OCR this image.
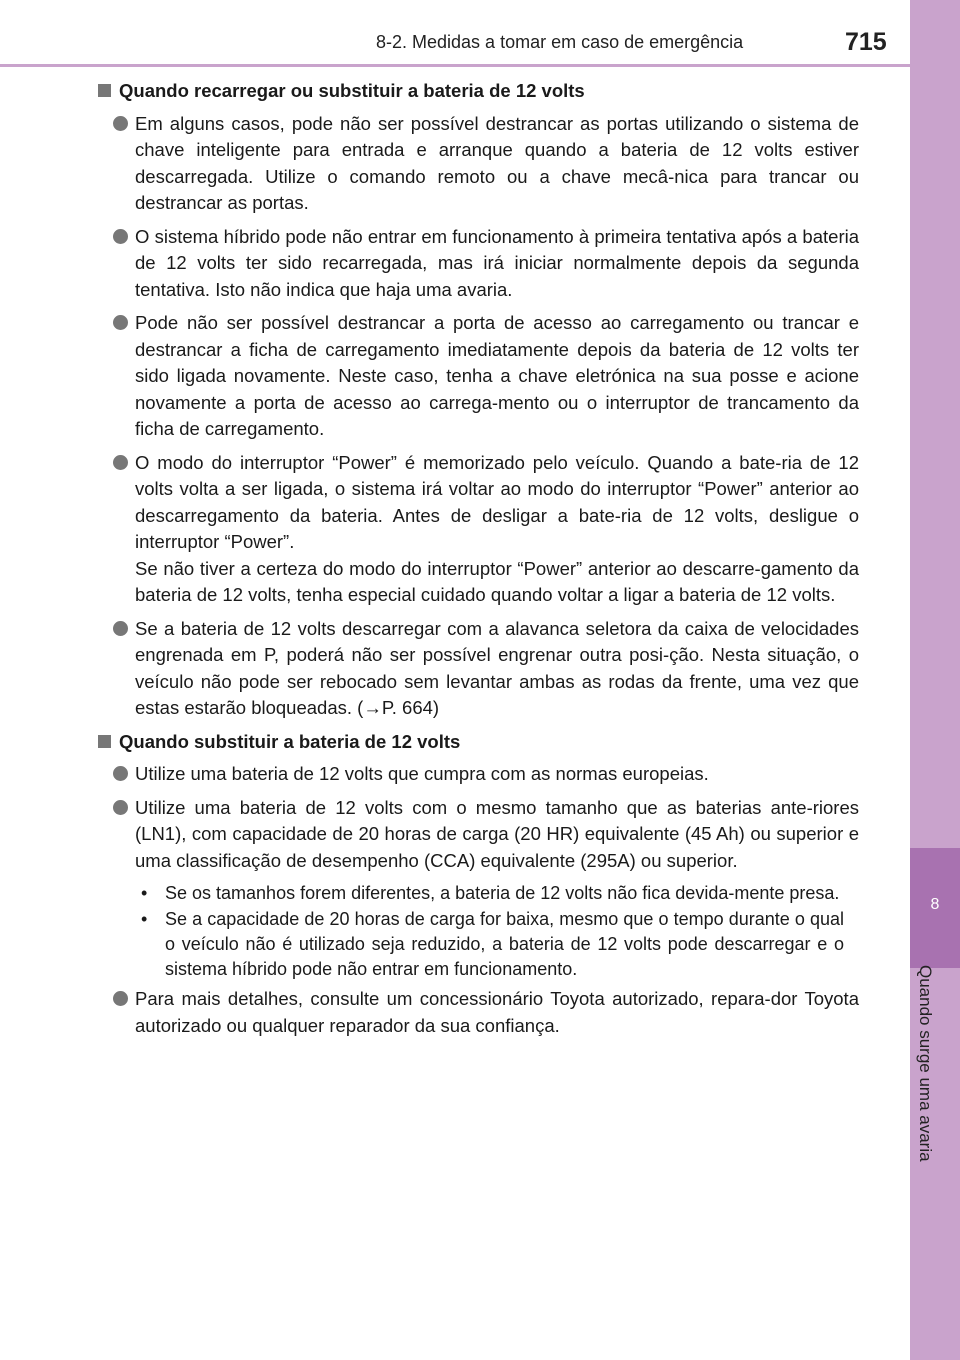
8-2. Medidas a tomar em caso de emergência	715
8
Quando surge uma avaria
Quando recarregar ou substituir a bateria de 12 volts
Em alguns casos, pode não ser possível destrancar as portas utilizando o sistema de chave inteligente para entrada e arranque quando a bateria de 12 volts estiver descarregada. Utilize o comando remoto ou a chave mecâ-nica para trancar ou destrancar as portas.
O sistema híbrido pode não entrar em funcionamento à primeira tentativa após a bateria de 12 volts ter sido recarregada, mas irá iniciar normalmente depois da segunda tentativa. Isto não indica que haja uma avaria.
Pode não ser possível destrancar a porta de acesso ao carregamento ou trancar e destrancar a ficha de carregamento imediatamente depois da bateria de 12 volts ter sido ligada novamente. Neste caso, tenha a chave eletrónica na sua posse e acione novamente a porta de acesso ao carrega-mento ou o interruptor de trancamento da ficha de carregamento.
O modo do interruptor “Power” é memorizado pelo veículo. Quando a bate-ria de 12 volts volta a ser ligada, o sistema irá voltar ao modo do interruptor “Power” anterior ao descarregamento da bateria. Antes de desligar a bate-ria de 12 volts, desligue o interruptor “Power”.
Se não tiver a certeza do modo do interruptor “Power” anterior ao descarre-gamento da bateria de 12 volts, tenha especial cuidado quando voltar a ligar a bateria de 12 volts.
Se a bateria de 12 volts descarregar com a alavanca seletora da caixa de velocidades engrenada em P, poderá não ser possível engrenar outra posi-ção. Nesta situação, o veículo não pode ser rebocado sem levantar ambas as rodas da frente, uma vez que estas estarão bloqueadas. (→P. 664)
Quando substituir a bateria de 12 volts
Utilize uma bateria de 12 volts que cumpra com as normas europeias.
Utilize uma bateria de 12 volts com o mesmo tamanho que as baterias ante-riores (LN1), com capacidade de 20 horas de carga (20 HR) equivalente (45 Ah) ou superior e uma classificação de desempenho (CCA) equivalente (295A) ou superior.
• Se os tamanhos forem diferentes, a bateria de 12 volts não fica devida-mente presa.
• Se a capacidade de 20 horas de carga for baixa, mesmo que o tempo durante o qual o veículo não é utilizado seja reduzido, a bateria de 12 volts pode descarregar e o sistema híbrido pode não entrar em funcionamento.
Para mais detalhes, consulte um concessionário Toyota autorizado, repara-dor Toyota autorizado ou qualquer reparador da sua confiança.
